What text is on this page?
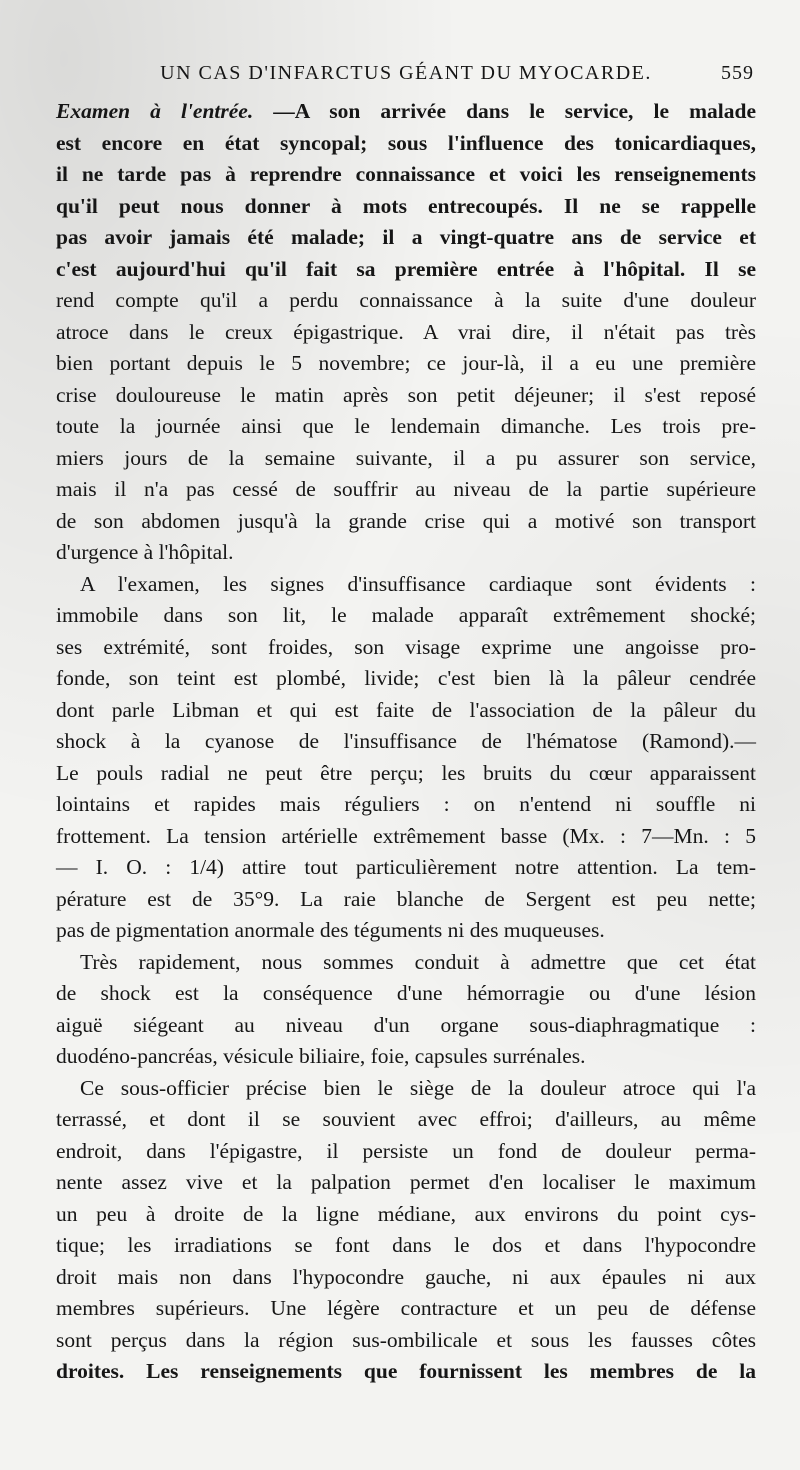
UN CAS D'INFARCTUS GÉANT DU MYOCARDE.	559
Examen à l'entrée. —A son arrivée dans le service, le malade
est encore en état syncopal; sous l'influence des tonicardiaques,
il ne tarde pas à reprendre connaissance et voici les renseignements
qu'il peut nous donner à mots entrecoupés. Il ne se rappelle
pas avoir jamais été malade; il a vingt-quatre ans de service et
c'est aujourd'hui qu'il fait sa première entrée à l'hôpital. Il se
rend compte qu'il a perdu connaissance à la suite d'une douleur
atroce dans le creux épigastrique. A vrai dire, il n'était pas très
bien portant depuis le 5 novembre; ce jour-là, il a eu une première
crise douloureuse le matin après son petit déjeuner; il s'est reposé
toute la journée ainsi que le lendemain dimanche. Les trois pre-
miers jours de la semaine suivante, il a pu assurer son service,
mais il n'a pas cessé de souffrir au niveau de la partie supérieure
de son abdomen jusqu'à la grande crise qui a motivé son transport
d'urgence à l'hôpital.
A l'examen, les signes d'insuffisance cardiaque sont évidents :
immobile dans son lit, le malade apparaît extrêmement shocké;
ses extrémité, sont froides, son visage exprime une angoisse pro-
fonde, son teint est plombé, livide; c'est bien là la pâleur cendrée
dont parle Libman et qui est faite de l'association de la pâleur du
shock à la cyanose de l'insuffisance de l'hématose (Ramond).—
Le pouls radial ne peut être perçu; les bruits du cœur apparaissent
lointains et rapides mais réguliers : on n'entend ni souffle ni
frottement. La tension artérielle extrêmement basse (Mx. : 7—Mn. : 5
— I. O. : 1/4) attire tout particulièrement notre attention. La tem-
pérature est de 35°9. La raie blanche de Sergent est peu nette;
pas de pigmentation anormale des téguments ni des muqueuses.
Très rapidement, nous sommes conduit à admettre que cet état
de shock est la conséquence d'une hémorragie ou d'une lésion
aiguë siégeant au niveau d'un organe sous-diaphragmatique :
duodéno-pancréas, vésicule biliaire, foie, capsules surrénales.
Ce sous-officier précise bien le siège de la douleur atroce qui l'a
terrassé, et dont il se souvient avec effroi; d'ailleurs, au même
endroit, dans l'épigastre, il persiste un fond de douleur perma-
nente assez vive et la palpation permet d'en localiser le maximum
un peu à droite de la ligne médiane, aux environs du point cys-
tique; les irradiations se font dans le dos et dans l'hypocondre
droit mais non dans l'hypocondre gauche, ni aux épaules ni aux
membres supérieurs. Une légère contracture et un peu de défense
sont perçus dans la région sus-ombilicale et sous les fausses côtes
droites. Les renseignements que fournissent les membres de la
